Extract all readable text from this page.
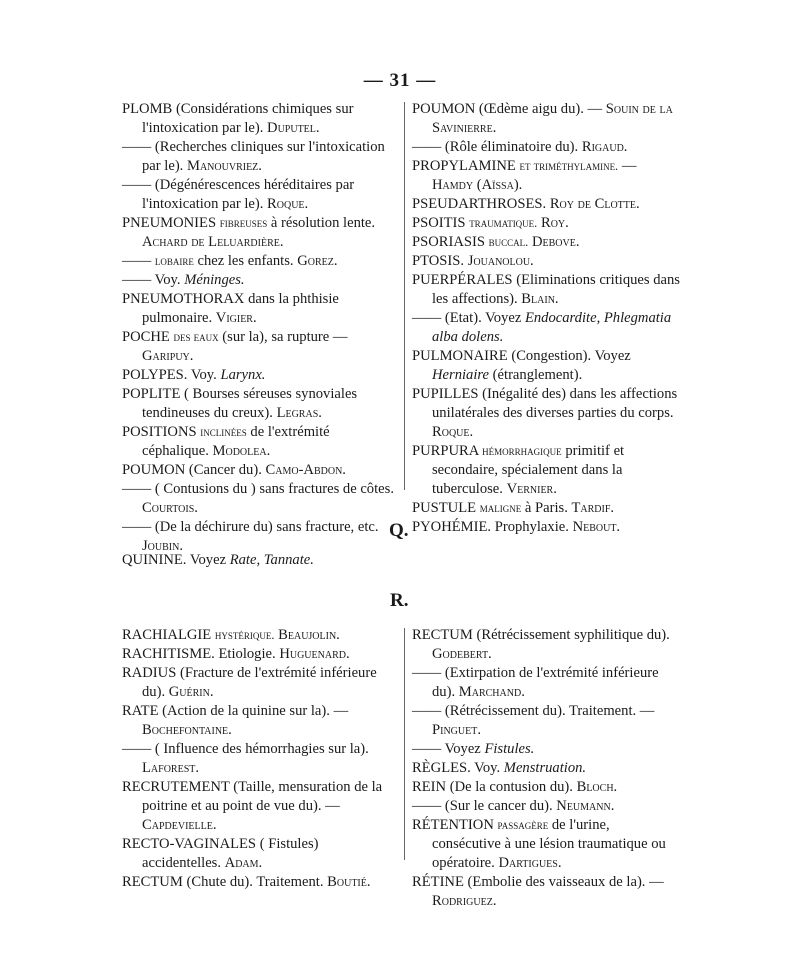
— 31 —

PLOMB (Considérations chimiques sur l'intoxication par le). Duputel.

—— (Recherches cliniques sur l'intoxication par le). Manouvriez.

—— (Dégénérescences héréditaires par l'intoxication par le). Roque.

PNEUMONIES fibreuses à résolution lente. Achard de Leluardière.

—— lobaire chez les enfants. Gorez.

—— Voy. Méninges.

PNEUMOTHORAX dans la phthisie pulmonaire. Vigier.

POCHE des eaux (sur la), sa rupture — Garipuy.

POLYPES. Voy. Larynx.

POPLITE ( Bourses séreuses synoviales tendineuses du creux). Legras.

POSITIONS inclinées de l'extrémité céphalique. Modolea.

POUMON (Cancer du). Camo-Abdon.

—— ( Contusions du ) sans fractures de côtes. Courtois.

—— (De la déchirure du) sans fracture, etc. Joubin.

POUMON (Œdème aigu du). — Souin de la Savinierre.

—— (Rôle éliminatoire du). Rigaud.

PROPYLAMINE et triméthylamine. — Hamdy (Aïssa).

PSEUDARTHROSES. Roy de Clotte.

PSOITIS traumatique. Roy.

PSORIASIS buccal. Debove.

PTOSIS. Jouanolou.

PUERPÉRALES (Eliminations critiques dans les affections). Blain.

—— (Etat). Voyez Endocardite, Phlegmatia alba dolens.

PULMONAIRE (Congestion). Voyez Herniaire (étranglement).

PUPILLES (Inégalité des) dans les affections unilatérales des diverses parties du corps. Roque.

PURPURA hémorrhagique primitif et secondaire, spécialement dans la tuberculose. Vernier.

PUSTULE maligne à Paris. Tardif.

PYOHÉMIE. Prophylaxie. Nebout.

Q.

QUININE. Voyez Rate, Tannate.

R.

RACHIALGIE hystérique. Beaujolin.

RACHITISME. Etiologie. Huguenard.

RADIUS (Fracture de l'extrémité inférieure du). Guérin.

RATE (Action de la quinine sur la). — Bochefontaine.

—— ( Influence des hémorrhagies sur la). Laforest.

RECRUTEMENT (Taille, mensuration de la poitrine et au point de vue du). — Capdevielle.

RECTO-VAGINALES ( Fistules) accidentelles. Adam.

RECTUM (Chute du). Traitement. Boutié.

RECTUM (Rétrécissement syphilitique du). Godebert.

—— (Extirpation de l'extrémité inférieure du). Marchand.

—— (Rétrécissement du). Traitement. — Pinguet.

—— Voyez Fistules.

RÈGLES. Voy. Menstruation.

REIN (De la contusion du). Bloch.

—— (Sur le cancer du). Neumann.

RÉTENTION passagère de l'urine, consécutive à une lésion traumatique ou opératoire. Dartigues.

RÉTINE (Embolie des vaisseaux de la). — Rodriguez.
